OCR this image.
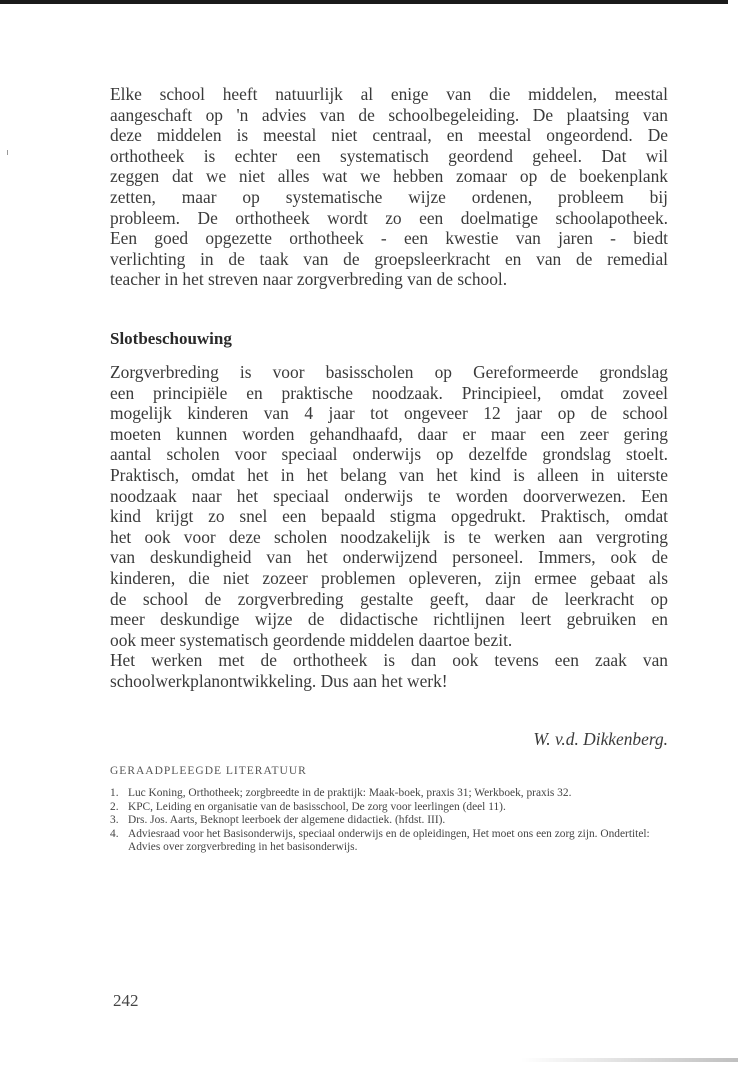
Elke school heeft natuurlijk al enige van die middelen, meestal
aangeschaft op 'n advies van de schoolbegeleiding. De plaatsing van
deze middelen is meestal niet centraal, en meestal ongeordend. De
orthotheek is echter een systematisch geordend geheel. Dat wil
zeggen dat we niet alles wat we hebben zomaar op de boekenplank
zetten, maar op systematische wijze ordenen, probleem bij
probleem. De orthotheek wordt zo een doelmatige schoolapotheek.
Een goed opgezette orthotheek - een kwestie van jaren - biedt
verlichting in de taak van de groepsleerkracht en van de remedial
teacher in het streven naar zorgverbreding van de school.
Slotbeschouwing
Zorgverbreding is voor basisscholen op Gereformeerde grondslag
een principiële en praktische noodzaak. Principieel, omdat zoveel
mogelijk kinderen van 4 jaar tot ongeveer 12 jaar op de school
moeten kunnen worden gehandhaafd, daar er maar een zeer gering
aantal scholen voor speciaal onderwijs op dezelfde grondslag stoelt.
Praktisch, omdat het in het belang van het kind is alleen in uiterste
noodzaak naar het speciaal onderwijs te worden doorverwezen. Een
kind krijgt zo snel een bepaald stigma opgedrukt. Praktisch, omdat
het ook voor deze scholen noodzakelijk is te werken aan vergroting
van deskundigheid van het onderwijzend personeel. Immers, ook de
kinderen, die niet zozeer problemen opleveren, zijn ermee gebaat als
de school de zorgverbreding gestalte geeft, daar de leerkracht op
meer deskundige wijze de didactische richtlijnen leert gebruiken en
ook meer systematisch geordende middelen daartoe bezit.
Het werken met de orthotheek is dan ook tevens een zaak van
schoolwerkplanontwikkeling. Dus aan het werk!

W. v.d. Dikkenberg.

GERAADPLEEGDE LITERATUUR

1. Luc Koning, Orthotheek; zorgbreedte in de praktijk: Maak-boek, praxis 31; Werkboek, praxis 32.
2. KPC, Leiding en organisatie van de basisschool, De zorg voor leerlingen (deel 11).
3. Drs. Jos. Aarts, Beknopt leerboek der algemene didactiek. (hfdst. III).
4. Adviesraad voor het Basisonderwijs, speciaal onderwijs en de opleidingen, Het moet ons een zorg zijn. Ondertitel: Advies over zorgverbreding in het basisonderwijs.

242
